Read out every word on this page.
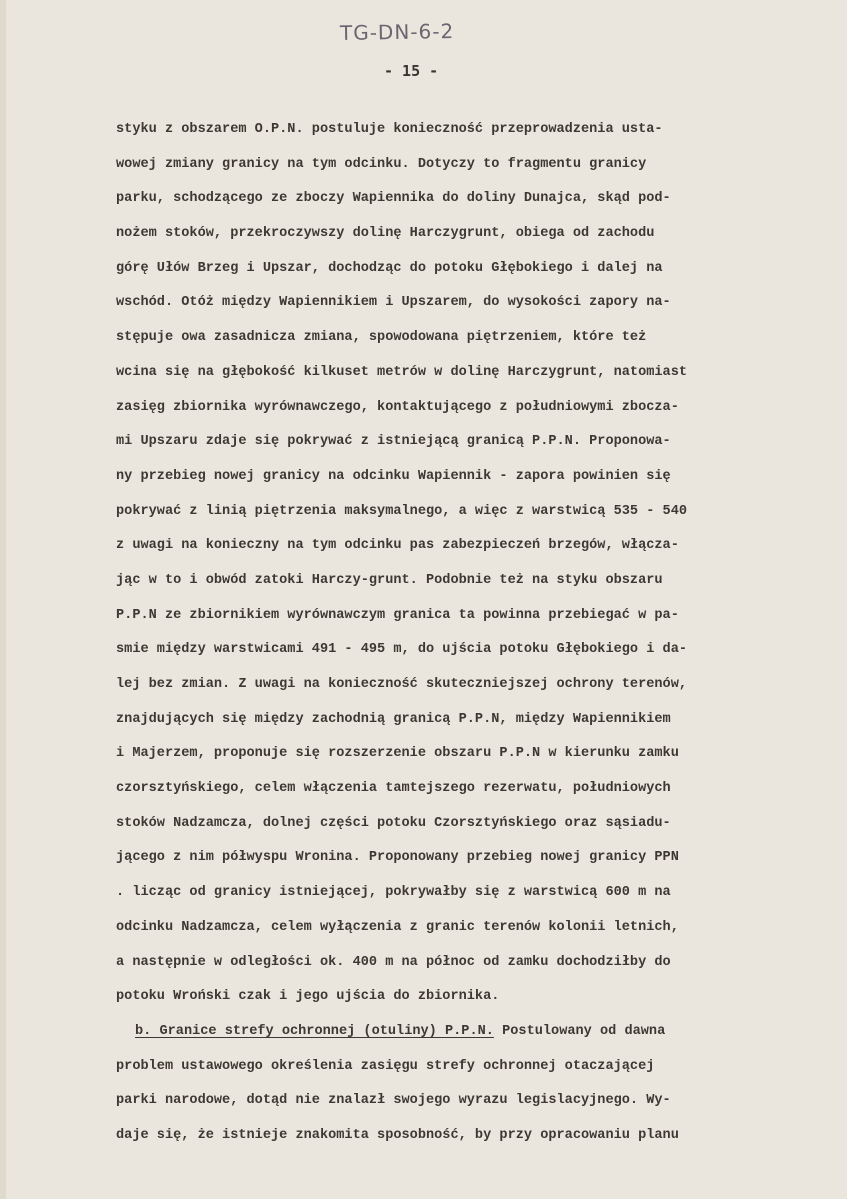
TG-DN-6-2
- 15 -
styku z obszarem O.P.N. postuluje konieczność przeprowadzenia usta-
wowej zmiany granicy na tym odcinku. Dotyczy to fragmentu granicy
parku, schodzącego ze zboczy Wapiennika do doliny Dunajca, skąd pod-
nożem stoków, przekroczywszy dolinę Harczygrunt, obiega od zachodu
górę Ułów Brzeg i Upszar, dochodząc do potoku Głębokiego i dalej na
wschód. Otóż między Wapiennikiem i Upszarem, do wysokości zapory na-
stępuje owa zasadnicza zmiana, spowodowana piętrzeniem, które też
wcina się na głębokość kilkuset metrów w dolinę Harczygrunt, natomiast
zasięg zbiornika wyrównawczego, kontaktującego z południowymi zbocza-
mi Upszaru zdaje się pokrywać z istniejącą granicą P.P.N. Proponowa-
ny przebieg nowej granicy na odcinku Wapiennik - zapora powinien się
pokrywać z linią piętrzenia maksymalnego, a więc z warstwicą 535 - 540
z uwagi na konieczny na tym odcinku pas zabezpieczeń brzegów, włącza-
jąc w to i obwód zatoki Harczy-grunt. Podobnie też na styku obszaru
P.P.N ze zbiornikiem wyrównawczym granica ta powinna przebiegać w pa-
smie między warstwicami 491 - 495 m, do ujścia potoku Głębokiego i da-
lej bez zmian. Z uwagi na konieczność skuteczniejszej ochrony terenów,
znajdujących się między zachodnią granicą P.P.N, między Wapiennikiem
i Majerzem, proponuje się rozszerzenie obszaru P.P.N w kierunku zamku
czorsztyńskiego, celem włączenia tamtejszego rezerwatu, południowych
stoków Nadzamcza, dolnej części potoku Czorsztyńskiego oraz sąsiadu-
jącego z nim półwyspu Wronina. Proponowany przebieg nowej granicy PPN
. licząc od granicy istniejącej, pokrywałby się z warstwicą 600 m na
odcinku Nadzamcza, celem wyłączenia z granic terenów kolonii letnich,
a następnie w odległości ok. 400 m na północ od zamku dochodziłby do
potoku Wroński czak i jego ujścia do zbiornika.
b. Granice strefy ochronnej (otuliny) P.P.N. Postulowany od dawna
problem ustawowego określenia zasięgu strefy ochronnej otaczającej
parki narodowe, dotąd nie znalazł swojego wyrazu legislacyjnego. Wy-
daje się, że istnieje znakomita sposobność, by przy opracowaniu planu
